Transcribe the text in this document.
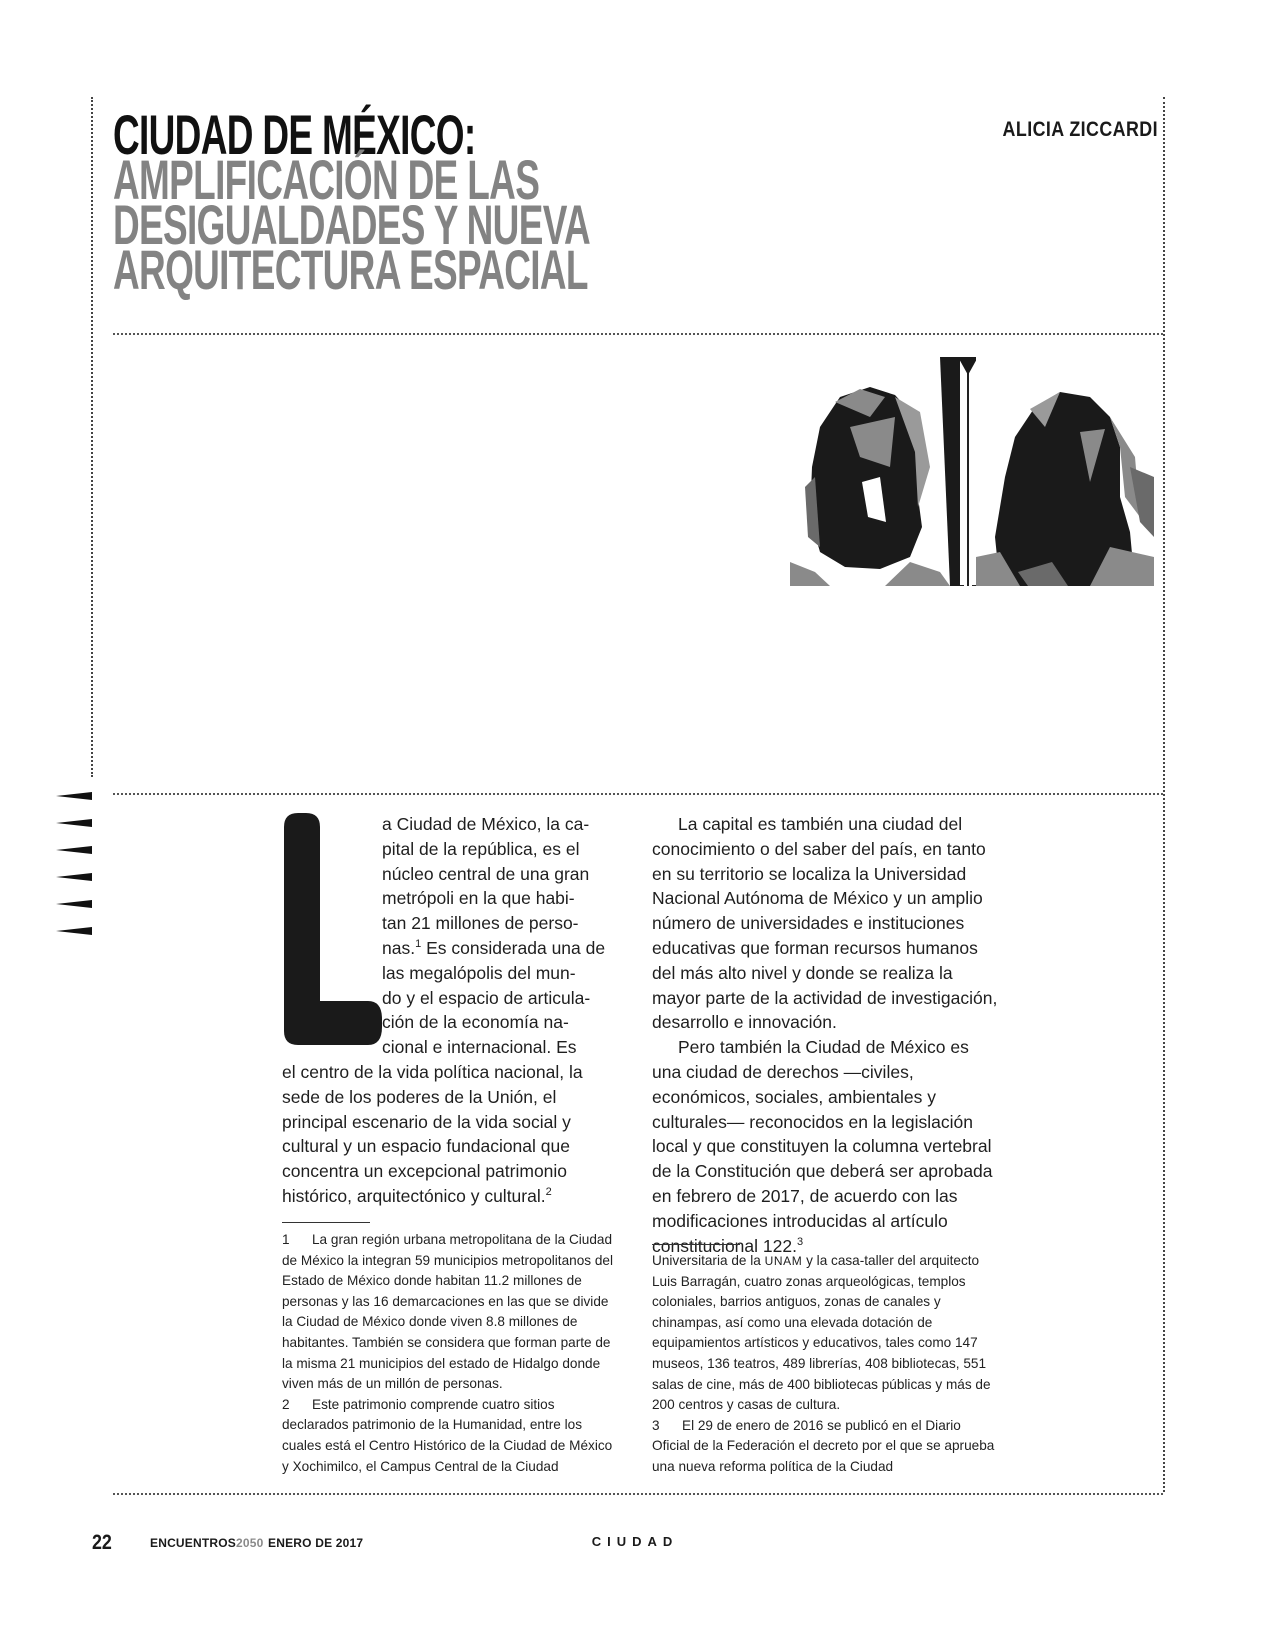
CIUDAD DE MÉXICO:
AMPLIFICACIÓN DE LAS
DESIGUALDADES Y NUEVA
ARQUITECTURA ESPACIAL
ALICIA ZICCARDI
L
a Ciudad de México, la ca-
pital de la república, es el
núcleo central de una gran
metrópoli en la que habi-
tan 21 millones de perso-
nas.$^1$ Es considerada una de
las megalópolis del mun-
do y el espacio de articula-
ción de la economía na-
cional e internacional. Es

el centro de la vida política nacional, la sede de los poderes de la Unión, el principal escenario de la vida social y cultural y un espacio fundacional que concentra un excepcional patrimonio histórico, arquitectónico y cultural.$^2$

La capital es también una ciudad del conocimiento o del saber del país, en tanto en su territorio se localiza la Universidad Nacional Autónoma de México y un amplio número de universidades e instituciones educativas que forman recursos humanos del más alto nivel y donde se realiza la mayor parte de la actividad de investigación, desarrollo e innovación.

Pero también la Ciudad de México es una ciudad de derechos —civiles, económicos, sociales, ambientales y culturales— reconocidos en la legislación local y que constituyen la columna vertebral de la Constitución que deberá ser aprobada en febrero de 2017, de acuerdo con las modificaciones introducidas al artículo constitucional 122.$^3$

1 La gran región urbana metropolitana de la Ciudad de México la integran 59 municipios metropolitanos del Estado de México donde habitan 11.2 millones de personas y las 16 demarcaciones en las que se divide la Ciudad de México donde viven 8.8 millones de habitantes. También se considera que forman parte de la misma 21 municipios del estado de Hidalgo donde viven más de un millón de personas.

2 Este patrimonio comprende cuatro sitios declarados patrimonio de la Humanidad, entre los cuales está el Centro Histórico de la Ciudad de México y Xochimilco, el Campus Central de la Ciudad

Universitaria de la UNAM y la casa-taller del arquitecto Luis Barragán, cuatro zonas arqueológicas, templos coloniales, barrios antiguos, zonas de canales y chinampas, así como una elevada dotación de equipamientos artísticos y educativos, tales como 147 museos, 136 teatros, 489 librerías, 408 bibliotecas, 551 salas de cine, más de 400 bibliotecas públicas y más de 200 centros y casas de cultura.

3 El 29 de enero de 2016 se publicó en el Diario Oficial de la Federación el decreto por el que se aprueba una nueva reforma política de la Ciudad

22	ENCUENTROS2050 ENERO DE 2017	CIUDAD
